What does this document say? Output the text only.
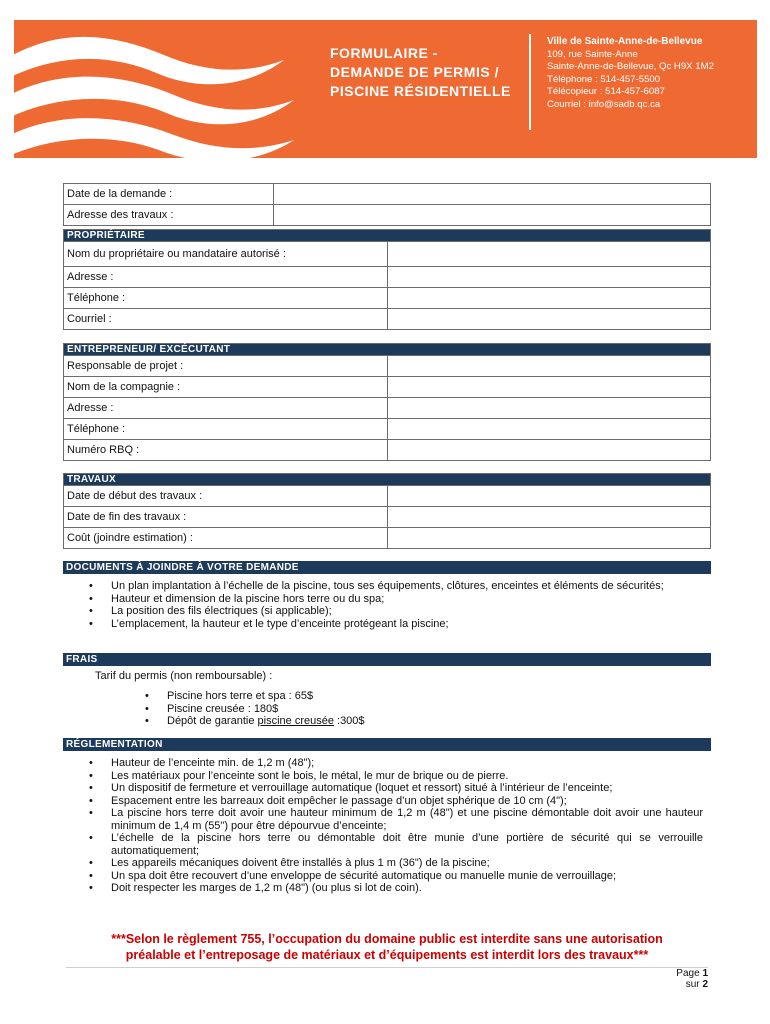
FORMULAIRE -
DEMANDE DE PERMIS /
PISCINE RÉSIDENTIELLE
Ville de Sainte-Anne-de-Bellevue
109, rue Sainte-Anne
Sainte-Anne-de-Bellevue, Qc H9X 1M2
Téléphone : 514-457-5500
Télécopieur : 514-457-6087
Courriel : info@sadb.qc.ca
Date de la demande :	
Adresse des travaux :	
PROPRIÉTAIRE	
Nom du propriétaire ou mandataire autorisé :	
Adresse :	
Téléphone :	
Courriel :	
ENTREPRENEUR/ EXCÉCUTANT	
Responsable de projet :	
Nom de la compagnie :	
Adresse :	
Téléphone :	
Numéro RBQ :	
TRAVAUX	
Date de début des travaux :	
Date de fin des travaux :	
Coût (joindre estimation) :	
DOCUMENTS À JOINDRE À VOTRE DEMANDE
• Un plan implantation à l’échelle de la piscine, tous ses équipements, clôtures, enceintes et éléments de sécurités;
• Hauteur et dimension de la piscine hors terre ou du spa;
• La position des fils électriques (si applicable);
• L’emplacement, la hauteur et le type d’enceinte protégeant la piscine;
FRAIS
Tarif du permis (non remboursable) :
• Piscine hors terre et spa : 65$
• Piscine creusée : 180$
• Dépôt de garantie piscine creusée :300$
RÉGLEMENTATION
• Hauteur de l’enceinte min. de 1,2 m (48");
• Les matériaux pour l’enceinte sont le bois, le métal, le mur de brique ou de pierre.
• Un dispositif de fermeture et verrouillage automatique (loquet et ressort) situé à l’intérieur de l’enceinte;
• Espacement entre les barreaux doit empêcher le passage d’un objet sphérique de 10 cm (4");
• La piscine hors terre doit avoir une hauteur minimum de 1,2 m (48") et une piscine démontable doit avoir une hauteur minimum de 1,4 m (55") pour être dépourvue d’enceinte;
• L’échelle de la piscine hors terre ou démontable doit être munie d’une portière de sécurité qui se verrouille automatiquement;
• Les appareils mécaniques doivent être installés à plus 1 m (36") de la piscine;
• Un spa doit être recouvert d’une enveloppe de sécurité automatique ou manuelle munie de verrouillage;
• Doit respecter les marges de 1,2 m (48") (ou plus si lot de coin).
***Selon le règlement 755, l’occupation du domaine public est interdite sans une autorisation
préalable et l’entreposage de matériaux et d’équipements est interdit lors des travaux***
Page 1
sur 2
